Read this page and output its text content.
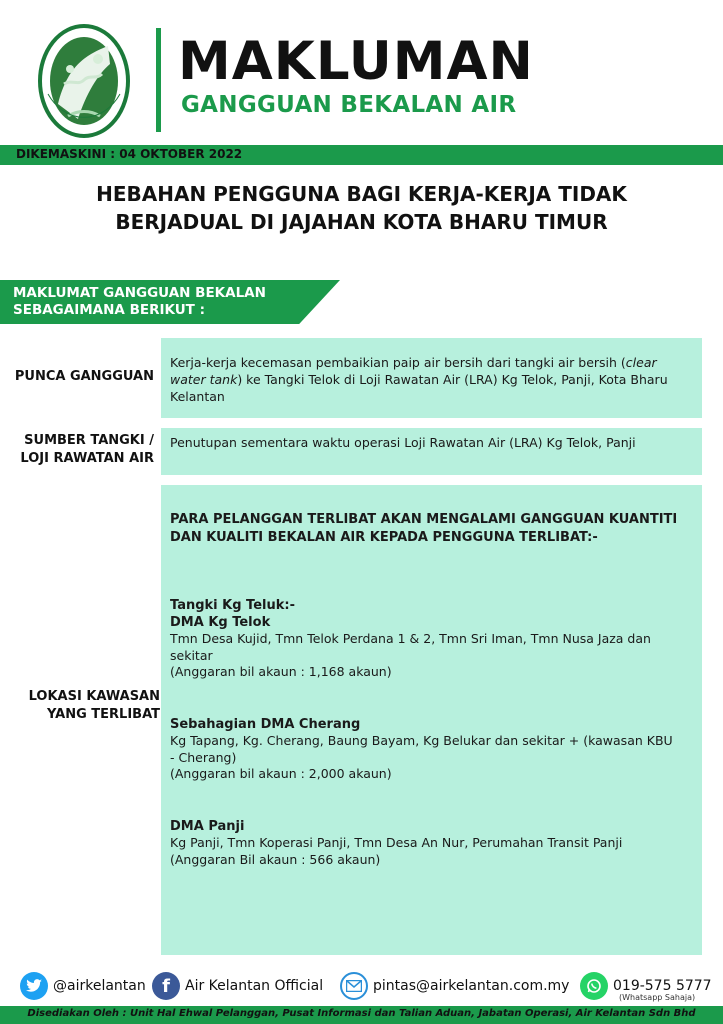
MAKLUMAN
GANGGUAN BEKALAN AIR
DIKEMASKINI : 04 OKTOBER 2022
HEBAHAN PENGGUNA BAGI KERJA-KERJA TIDAK
BERJADUAL DI JAJAHAN KOTA BHARU TIMUR
MAKLUMAT GANGGUAN BEKALAN
SEBAGAIMANA BERIKUT :
PUNCA GANGGUAN
Kerja-kerja kecemasan pembaikian paip air bersih dari tangki air bersih (clear water tank) ke Tangki Telok di Loji Rawatan Air (LRA) Kg Telok, Panji, Kota Bharu Kelantan
SUMBER TANGKI /
LOJI RAWATAN AIR
Penutupan sementara waktu operasi Loji Rawatan Air (LRA) Kg Telok, Panji
LOKASI KAWASAN
YANG TERLIBAT
PARA PELANGGAN TERLIBAT AKAN MENGALAMI GANGGUAN KUANTITI
DAN KUALITI BEKALAN AIR KEPADA PENGGUNA TERLIBAT:-
Tangki Kg Teluk:-
DMA Kg Telok
Tmn Desa Kujid, Tmn Telok Perdana 1 & 2, Tmn Sri Iman, Tmn Nusa Jaza dan
sekitar
(Anggaran bil akaun : 1,168 akaun)
Sebahagian DMA Cherang
Kg Tapang, Kg. Cherang, Baung Bayam, Kg Belukar dan sekitar + (kawasan KBU
- Cherang)
(Anggaran bil akaun : 2,000 akaun)
DMA Panji
Kg Panji, Tmn Koperasi Panji, Tmn Desa An Nur, Perumahan Transit Panji
(Anggaran Bil akaun : 566 akaun)
@airkelantan f Air Kelantan Official	pintas@airkelantan.com.my	019-575 5777
(Whatsapp Sahaja)
Disediakan Oleh : Unit Hal Ehwal Pelanggan, Pusat Informasi dan Talian Aduan, Jabatan Operasi, Air Kelantan Sdn Bhd
